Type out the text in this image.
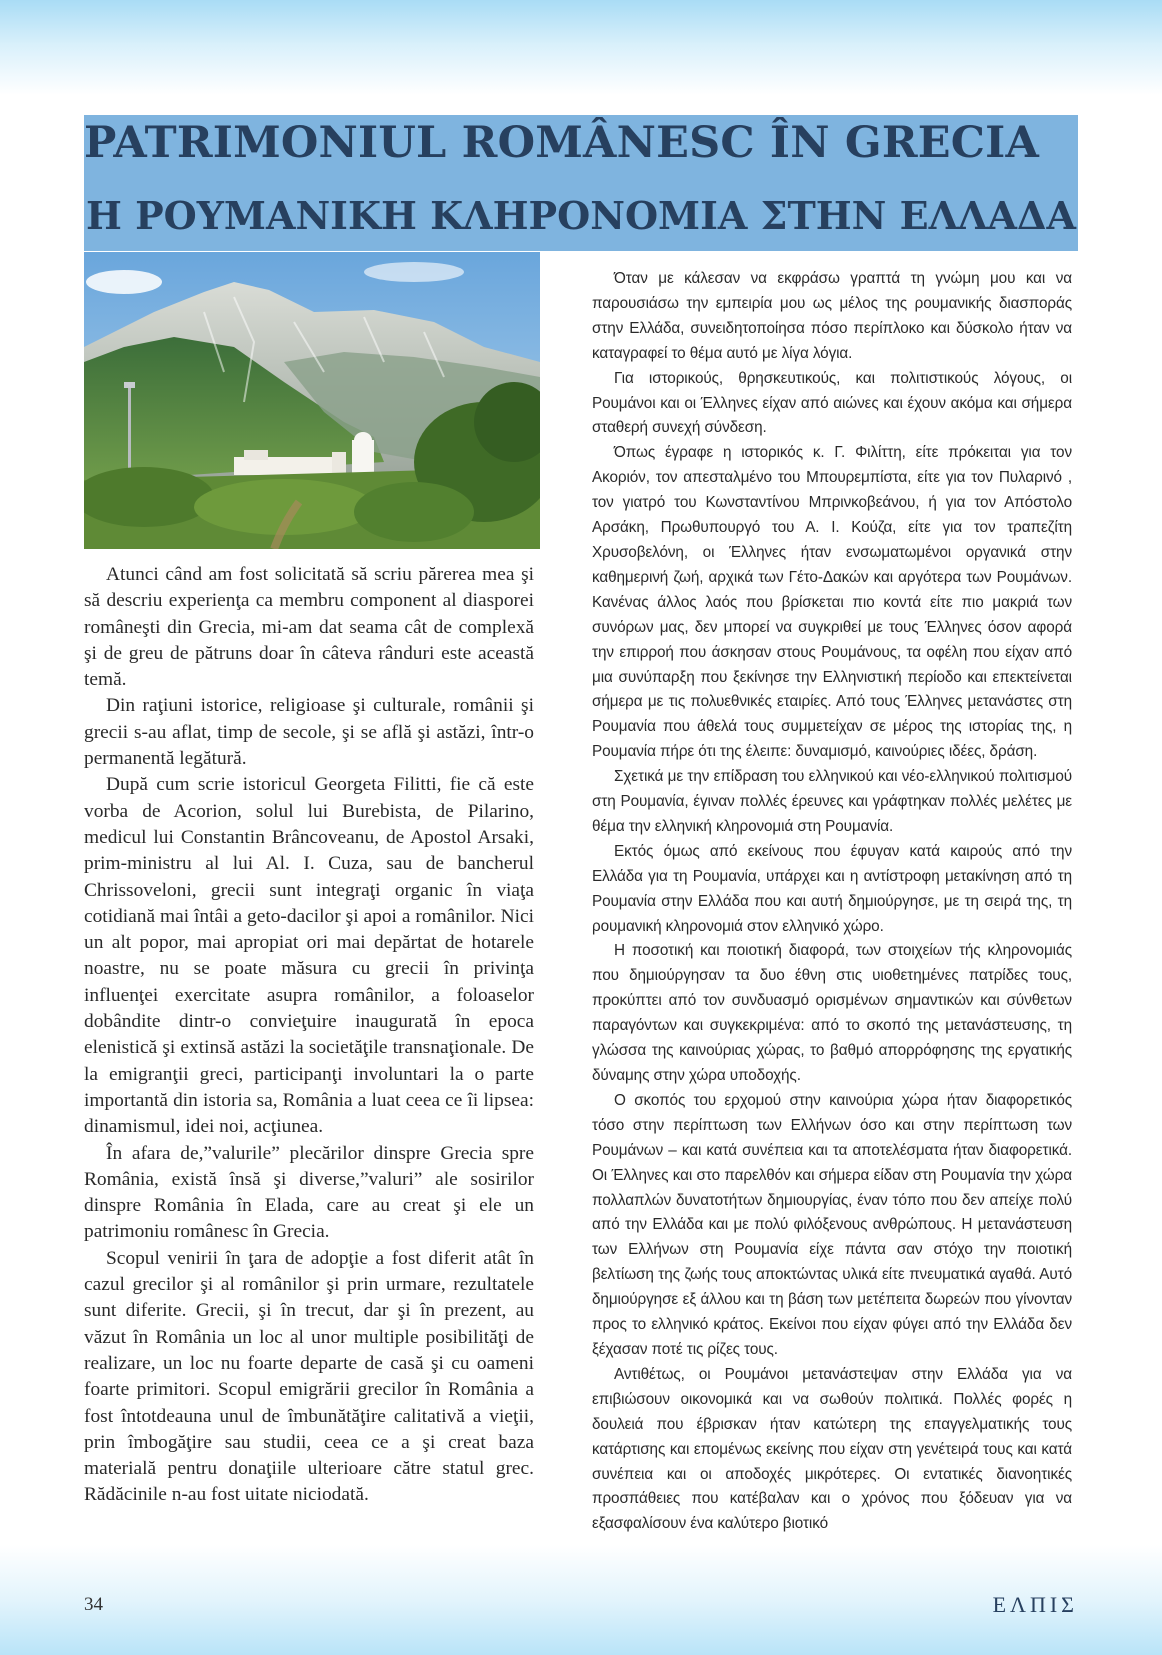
PATRIMONIUL ROMÂNESC ÎN GRECIA
Η ΡΟΥΜΑΝΙΚΗ ΚΛΗΡΟΝΟΜΙΑ ΣΤΗΝ ΕΛΛΑΔΑ

Atunci când am fost solicitată să scriu părerea mea şi să descriu experienţa ca membru component al diasporei româneşti din Grecia, mi-am dat seama cât de complexă şi de greu de pătruns doar în câteva rânduri este această temă.

Din raţiuni istorice, religioase şi culturale, românii şi grecii s-au aflat, timp de secole, şi se află şi astăzi, într-o permanentă legătură.

După cum scrie istoricul Georgeta Filitti, fie că este vorba de Acorion, solul lui Burebista, de Pilarino, medicul lui Constantin Brâncoveanu, de Apostol Arsaki, prim-ministru al lui Al. I. Cuza, sau de bancherul Chrissoveloni, grecii sunt integraţi organic în viaţa cotidiană mai întâi a geto-dacilor şi apoi a românilor. Nici un alt popor, mai apropiat ori mai depărtat de hotarele noastre, nu se poate măsura cu grecii în privinţa influenţei exercitate asupra românilor, a foloaselor dobândite dintr-o convieţuire inaugurată în epoca elenistică şi extinsă astăzi la societăţile transnaţionale. De la emigranţii greci, participanţi involuntari la o parte importantă din istoria sa, România a luat ceea ce îi lipsea: dinamismul, idei noi, acţiunea.

În afara de,”valurile” plecărilor dinspre Grecia spre România, există însă şi diverse,”valuri” ale sosirilor dinspre România în Elada, care au creat şi ele un patrimoniu românesc în Grecia.

Scopul venirii în ţara de adopţie a fost diferit atât în cazul grecilor şi al românilor şi prin urmare, rezultatele sunt diferite. Grecii, şi în trecut, dar şi în prezent, au văzut în România un loc al unor multiple posibilităţi de realizare, un loc nu foarte departe de casă şi cu oameni foarte primitori. Scopul emigrării grecilor în România a fost întotdeauna unul de îmbunătăţire calitativă a vieţii, prin îmbogăţire sau studii, ceea ce a şi creat baza materială pentru donaţiile ulterioare către statul grec. Rădăcinile n-au fost uitate niciodată.

Όταν με κάλεσαν να εκφράσω γραπτά τη γνώμη μου και να παρουσιάσω την εμπειρία μου ως μέλος της ρουμανικής διασποράς στην Ελλάδα, συνειδητοποίησα πόσο περίπλοκο και δύσκολο ήταν να καταγραφεί το θέμα αυτό με λίγα λόγια.

Για ιστορικούς, θρησκευτικούς, και πολιτιστικούς λόγους, οι Ρουμάνοι και οι Έλληνες είχαν από αιώνες και έχουν ακόμα και σήμερα σταθερή συνεχή σύνδεση.

Όπως έγραφε η ιστορικός κ. Γ. Φιλίττη, είτε πρόκειται για τον Ακοριόν, τον απεσταλμένο του Μπουρεμπίστα, είτε για τον Πυλαρινό , τον γιατρό του Κωνσταντίνου Μπρινκοβεάνου, ή για τον Απόστολο Αρσάκη, Πρωθυπουργό του Α. Ι. Κούζα, είτε για τον τραπεζίτη Χρυσοβελόνη, οι Έλληνες ήταν ενσωματωμένοι οργανικά στην καθημερινή ζωή, αρχικά των Γέτο-Δακών και αργότερα των Ρουμάνων. Κανένας άλλος λαός που βρίσκεται πιο κοντά είτε πιο μακριά των συνόρων μας, δεν μπορεί να συγκριθεί με τους Έλληνες όσον αφορά την επιρροή που άσκησαν στους Ρουμάνους, τα οφέλη που είχαν από μια συνύπαρξη που ξεκίνησε την Ελληνιστική περίοδο και επεκτείνεται σήμερα με τις πολυεθνικές εταιρίες. Από τους Έλληνες μετανάστες στη Ρουμανία που άθελά τους συμμετείχαν σε μέρος της ιστορίας της, η Ρουμανία πήρε ότι της έλειπε: δυναμισμό, καινούριες ιδέες, δράση.

Σχετικά με την επίδραση του ελληνικού και νέο-ελληνικού πολιτισμού στη Ρουμανία, έγιναν πολλές έρευνες και γράφτηκαν πολλές μελέτες με θέμα την ελληνική κληρονομιά στη Ρουμανία.

Εκτός όμως από εκείνους που έφυγαν κατά καιρούς από την Ελλάδα για τη Ρουμανία, υπάρχει και η αντίστροφη μετακίνηση από τη Ρουμανία στην Ελλάδα που και αυτή δημιούργησε, με τη σειρά της, τη ρουμανική κληρονομιά στον ελληνικό χώρο.

Η ποσοτική και ποιοτική διαφορά, των στοιχείων τής κληρονομιάς που δημιούργησαν τα δυο έθνη στις υιοθετημένες πατρίδες τους, προκύπτει από τον συνδυασμό ορισμένων σημαντικών και σύνθετων παραγόντων και συγκεκριμένα: από το σκοπό της μετανάστευσης, τη γλώσσα της καινούριας χώρας, το βαθμό απορρόφησης της εργατικής δύναμης στην χώρα υποδοχής.

Ο σκοπός του ερχομού στην καινούρια χώρα ήταν διαφορετικός τόσο στην περίπτωση των Ελλήνων όσο και στην περίπτωση των Ρουμάνων – και κατά συνέπεια και τα αποτελέσματα ήταν διαφορετικά. Οι Έλληνες και στο παρελθόν και σήμερα είδαν στη Ρουμανία την χώρα πολλαπλών δυνατοτήτων δημιουργίας, έναν τόπο που δεν απείχε πολύ από την Ελλάδα και με πολύ φιλόξενους ανθρώπους. Η μετανάστευση των Ελλήνων στη Ρουμανία είχε πάντα σαν στόχο την ποιοτική βελτίωση της ζωής τους αποκτώντας υλικά είτε πνευματικά αγαθά. Αυτό δημιούργησε εξ άλλου και τη βάση των μετέπειτα δωρεών που γίνονταν προς το ελληνικό κράτος. Εκείνοι που είχαν φύγει από την Ελλάδα δεν ξέχασαν ποτέ τις ρίζες τους.

Αντιθέτως, οι Ρουμάνοι μετανάστεψαν στην Ελλάδα για να επιβιώσουν οικονομικά και να σωθούν πολιτικά. Πολλές φορές η δουλειά που έβρισκαν ήταν κατώτερη της επαγγελματικής τους κατάρτισης και επομένως εκείνης που είχαν στη γενέτειρά τους και κατά συνέπεια και οι αποδοχές μικρότερες. Οι εντατικές διανοητικές προσπάθειες που κατέβαλαν και ο χρόνος που ξόδευαν για να εξασφαλίσουν ένα καλύτερο βιοτικό

34	ΕΛΠΙΣ
